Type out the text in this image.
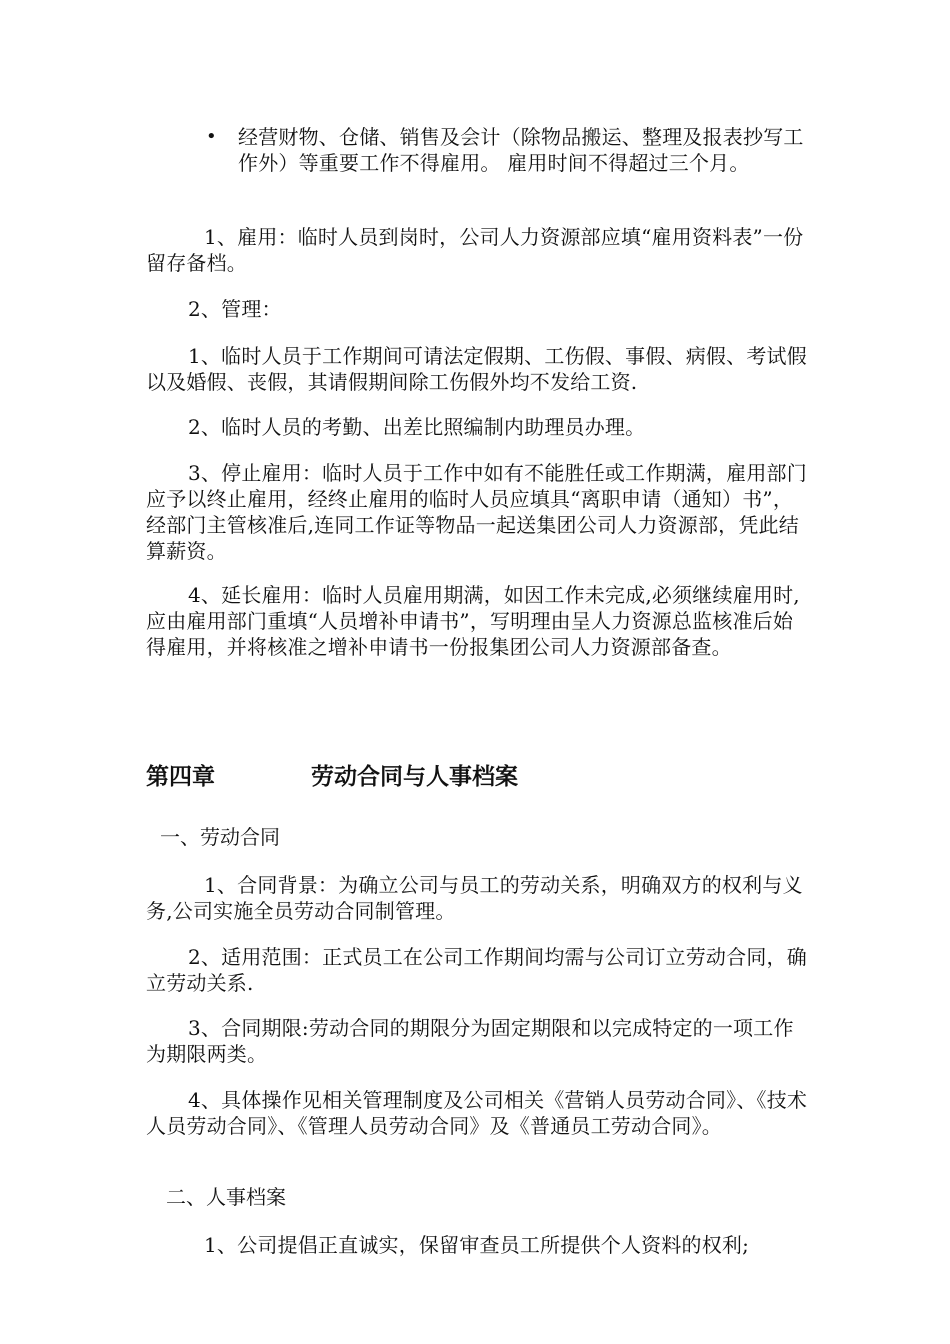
• 经营财物、仓储、销售及会计（除物品搬运、整理及报表抄写工作外）等重要工作不得雇用。 雇用时间不得超过三个月。

1、雇用：临时人员到岗时，公司人力资源部应填“雇用资料表”一份留存备档。

2、管理：

1、临时人员于工作期间可请法定假期、工伤假、事假、病假、考试假以及婚假、丧假，其请假期间除工伤假外均不发给工资.

2、临时人员的考勤、出差比照编制内助理员办理。

3、停止雇用：临时人员于工作中如有不能胜任或工作期满，雇用部门应予以终止雇用，经终止雇用的临时人员应填具“离职申请（通知）书”，经部门主管核准后,连同工作证等物品一起送集团公司人力资源部，凭此结算薪资。

4、延长雇用：临时人员雇用期满，如因工作未完成,必须继续雇用时,应由雇用部门重填“人员增补申请书”，写明理由呈人力资源总监核准后始得雇用，并将核准之增补申请书一份报集团公司人力资源部备查。

第四章	劳动合同与人事档案
一、劳动合同

1、合同背景：为确立公司与员工的劳动关系，明确双方的权利与义务,公司实施全员劳动合同制管理。

2、适用范围：正式员工在公司工作期间均需与公司订立劳动合同，确立劳动关系.

3、合同期限:劳动合同的期限分为固定期限和以完成特定的一项工作为期限两类。

4、具体操作见相关管理制度及公司相关《营销人员劳动合同》、《技术人员劳动合同》、《管理人员劳动合同》及《普通员工劳动合同》。

二、人事档案

1、公司提倡正直诚实，保留审查员工所提供个人资料的权利;
